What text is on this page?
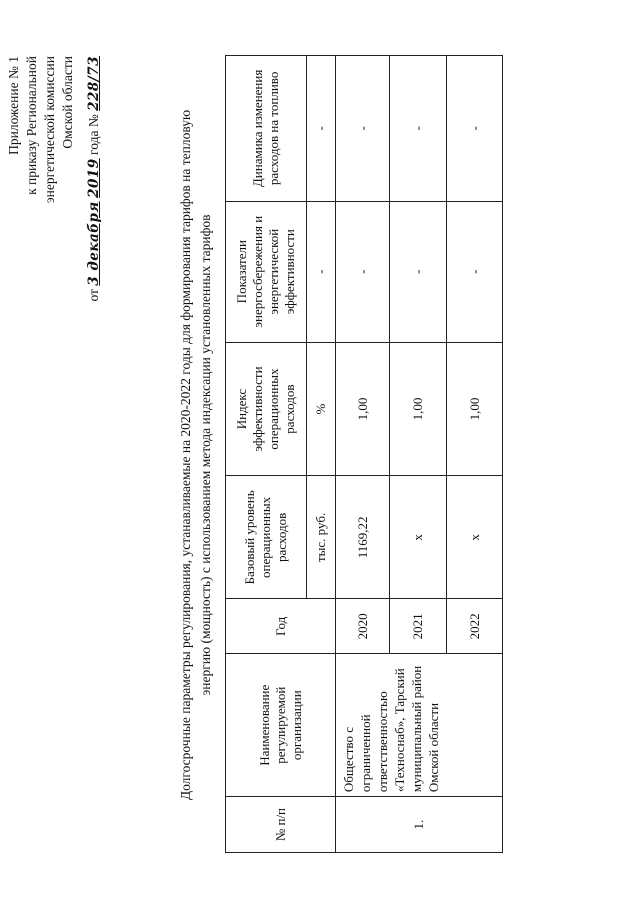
Приложение № 1 к приказу Региональной энергетической комиссии Омской области
от 3 декабря 2019 года № 228/73
Долгосрочные параметры регулирования, устанавливаемые на 2020-2022 годы для формирования тарифов на тепловую энергию (мощность) с использованием метода индексации установленных тарифов
№ п/п	Наименование регулируемой организации	Год	Базовый уровень операционных расходов	Индекс эффективности операционных расходов	Показатели энергосбережения и энергетической эффективности	Динамика изменения расходов на топливо
			тыс. руб.	%	-	-
1.	Общество с ограниченной ответственностью «Техноснаб», Тарский муниципальный район Омской области	2020	1169,22	1,00	-	-
		2021	х	1,00	-	-
		2022	х	1,00	-	-
